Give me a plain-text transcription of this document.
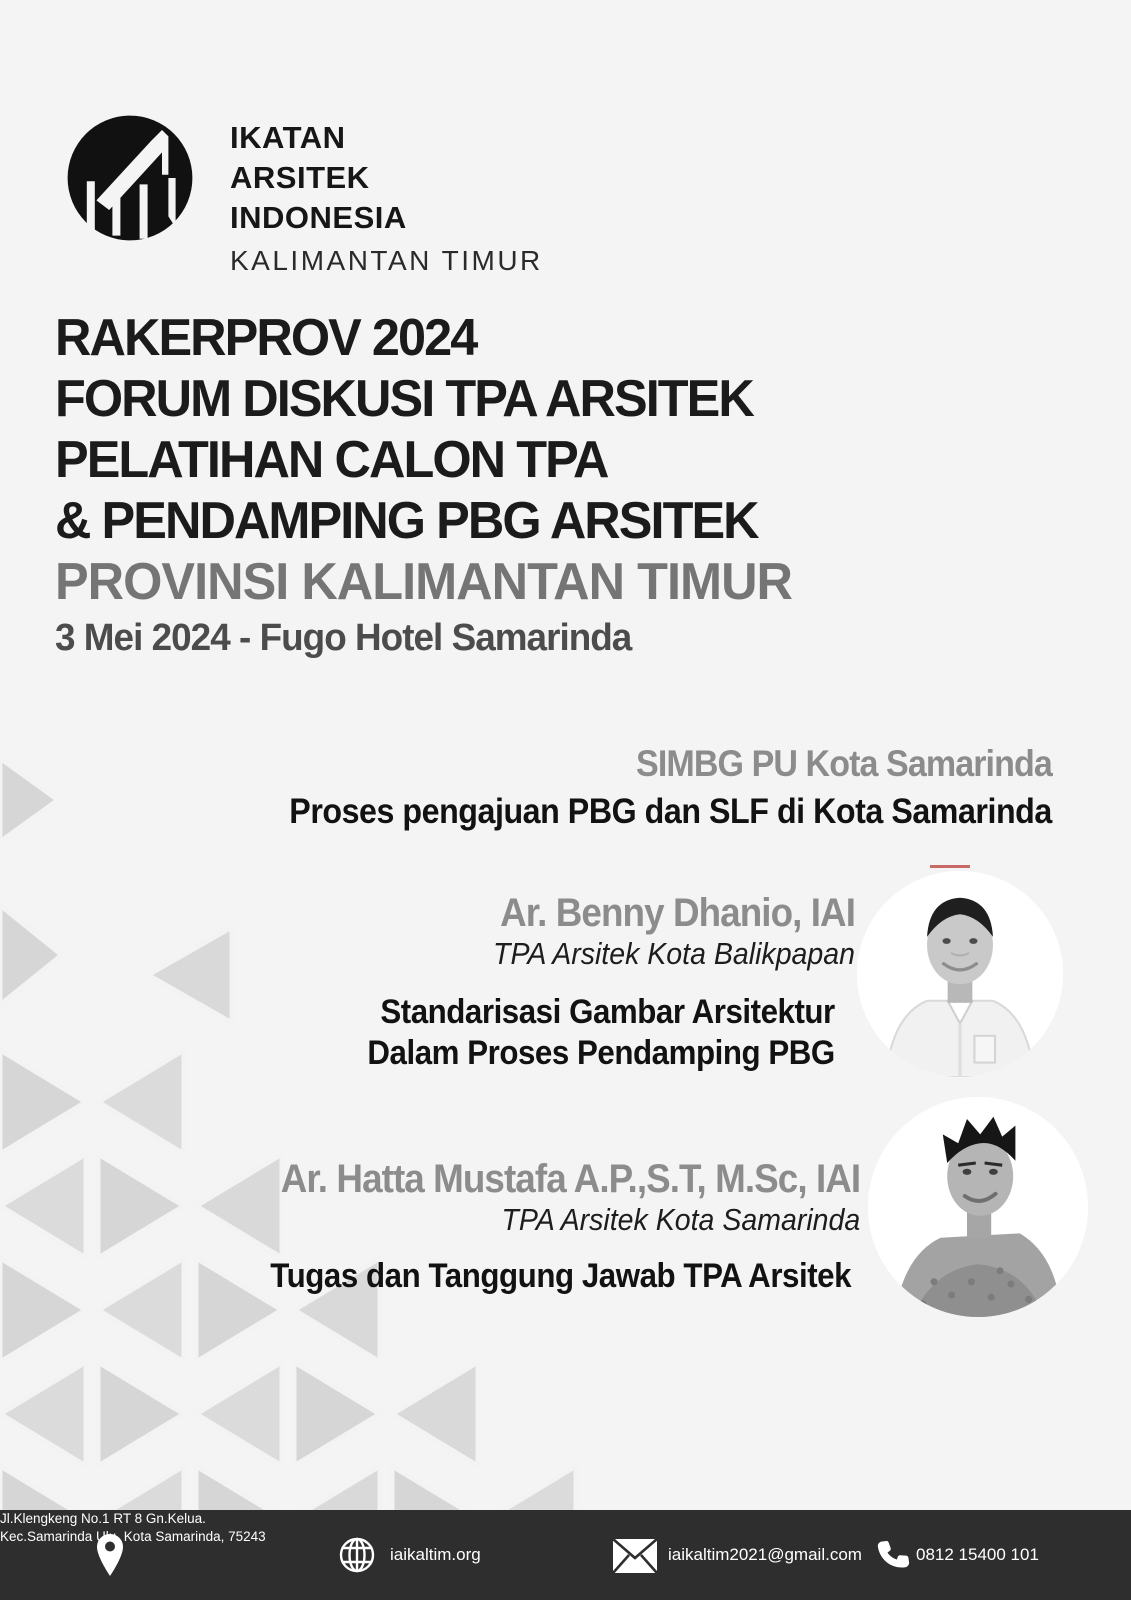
IKATAN
ARSITEK
INDONESIA
KALIMANTAN TIMUR
RAKERPROV 2024
FORUM DISKUSI TPA ARSITEK
PELATIHAN CALON TPA
& PENDAMPING PBG ARSITEK
PROVINSI KALIMANTAN TIMUR
3 Mei 2024 - Fugo Hotel Samarinda
SIMBG PU Kota Samarinda
Proses pengajuan PBG dan SLF di Kota Samarinda
Ar. Benny Dhanio, IAI
TPA Arsitek Kota Balikpapan
Standarisasi Gambar Arsitektur
Dalam Proses Pendamping PBG
Ar. Hatta Mustafa A.P.,S.T, M.Sc, IAI
TPA Arsitek Kota Samarinda
Tugas dan Tanggung Jawab TPA Arsitek
Jl.Klengkeng No.1 RT 8 Gn.Kelua.
Kec.Samarinda Ulu, Kota Samarinda, 75243
iaikaltim.org	iaikaltim2021@gmail.com	0812 15400 101
